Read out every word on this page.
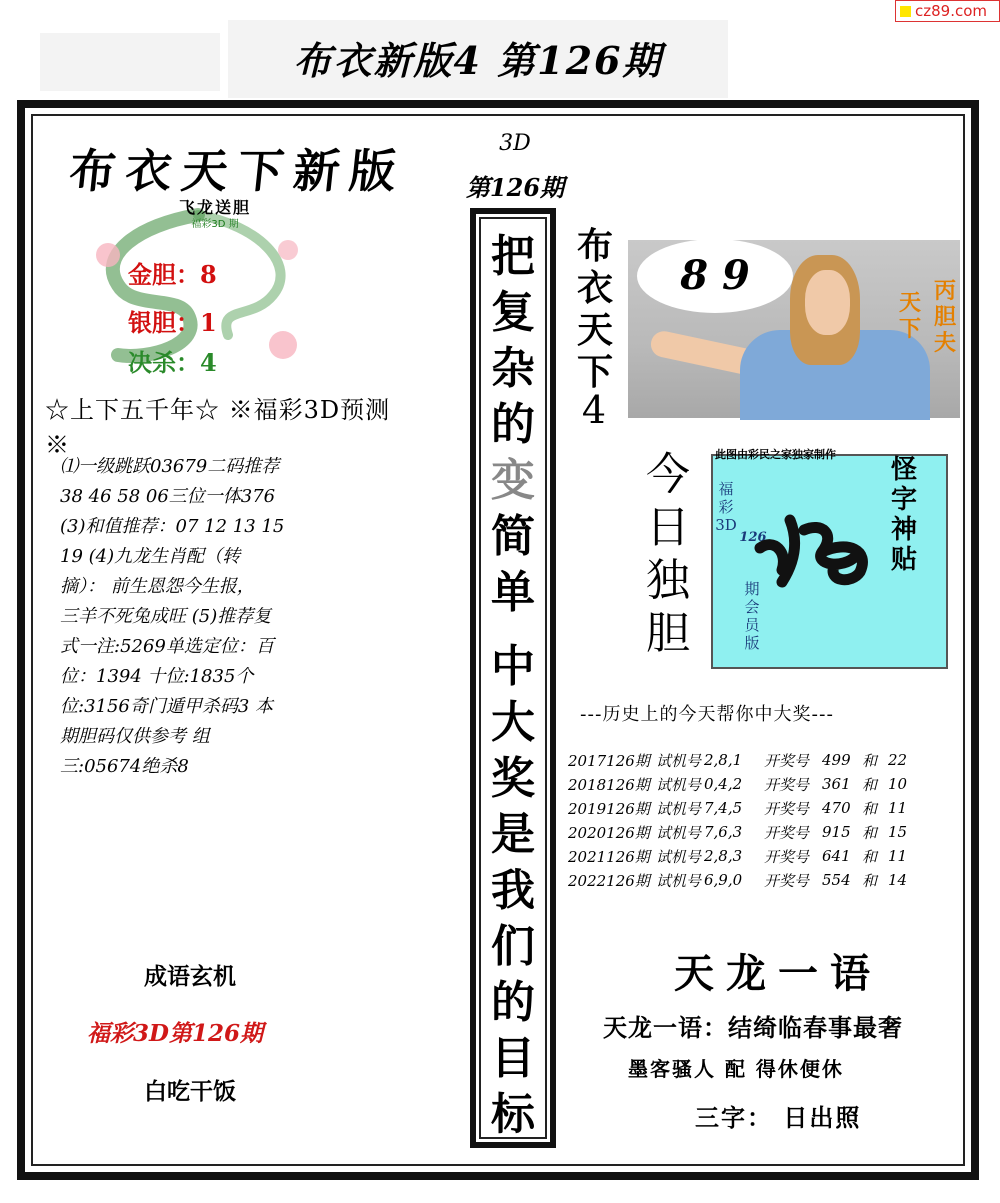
布衣新版4 第126期
cz89.com
布衣天下新版
飞龙送胆
福彩3D 期
金胆：8
银胆：1
决杀：4
☆上下五千年☆ ※福彩3D预测※
⑴一级跳跃03679二码推荐
38 46 58 06三位一体376
(3)和值推荐：07 12 13 15
19 (4)九龙生肖配（转
摘）： 前生恩怨今生报，
三羊不死兔成旺 (5)推荐复
式一注:5269单选定位：百
位：1394 十位:1835个
位:3156奇门遁甲杀码3 本
期胆码仅供参考 组
三:05674绝杀8
成语玄机
福彩3D第126期
白吃干饭
3D
第126期
把
复
杂
的
变
简
单
中
大
奖
是
我
们
的
目
标
布
衣
天
下
4
8 9	丙
胆
夫
天
下
今
日
独
胆
此图由彩民之家独家制作
福
彩
3D
126
期
会
员
版
怪
字
神
贴
---历史上的今天帮你中大奖---
2017126期 试机号 2,8,1	开奖号 499 和 22
2018126期 试机号 0,4,2	开奖号 361 和 10
2019126期 试机号 7,4,5	开奖号 470 和 11
2020126期 试机号 7,6,3	开奖号 915 和 15
2021126期 试机号 2,8,3	开奖号 641 和 11
2022126期 试机号 6,9,0	开奖号 554 和 14
天龙一语
天龙一语：结绮临春事最奢
墨客骚人 配 得休便休
三字： 日出照
